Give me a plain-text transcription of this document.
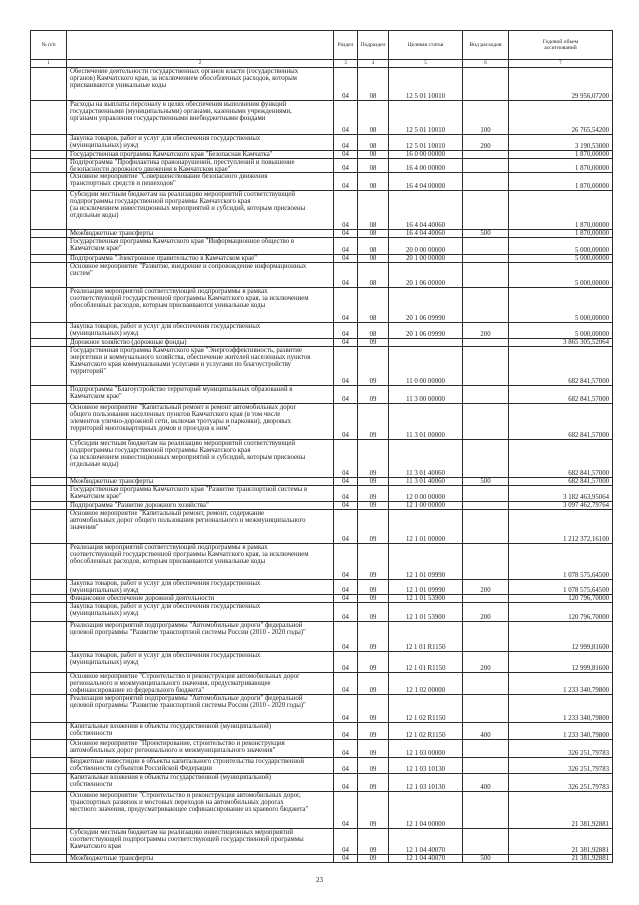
№ п/п	Раздел	Подраздел	Целевая статья	Вид расходов
Годовой объем ассигнований
1	2	3	4	5	6	7
Обеспечение деятельности государственных органов власти (государственных
органов) Камчатского края, за исключением обособленных расходов, которым
присваиваются уникальные коды
04	08	12 5 01 10010	29 956,07200
Расходы на выплаты персоналу в целях обеспечения выполнения функций
государственными (муниципальными) органами, казенными учреждениями,
органами управления государственными внебюджетными фондами
04	08	12 5 01 10010	100	26 765,54200
Закупка товаров, работ и услуг для обеспечения государственных
(муниципальных) нужд	04	08	12 5 01 10010	200	3 190,53000
Государственная программа Камчатского края "Безопасная Камчатка"	04	08	16 0 00 00000	1 870,00000
Подпрограмма "Профилактика правонарушений, преступлений и повышение
безопасности дорожного движения в Камчатском крае"	04	08	16 4 00 00000	1 870,00000
Основное мероприятие "Совершенствование безопасного движения
транспортных средств и пешеходов"	04	08	16 4 04 00000	1 870,00000
Субсидии местным бюджетам на реализацию мероприятий соответствующей
подпрограммы государственной программы Камчатского края
(за исключением инвестиционных мероприятий и субсидий, которым присвоены
отдельные коды)
04	08	16 4 04 40060	1 870,00000
Межбюджетные трансферты	04	08	16 4 04 40060	500	1 870,00000
Государственная программа Камчатского края "Информационное общество в
Камчатском крае"	04	08	20 0 00 00000	5 000,00000
Подпрограмма "Электронное правительство в Камчатском крае"	04	08	20 1 00 00000	5 000,00000
Основное мероприятие "Развитие, внедрение и сопровождение информационных
систем"
04	08	20 1 06 00000	5 000,00000
Реализация мероприятий соответствующей подпрограммы в рамках
соответствующей государственной программы Камчатского края, за исключением
обособленных расходов, которым присваиваются уникальные коды
04	08	20 1 06 09990	5 000,00000
Закупка товаров, работ и услуг для обеспечения государственных
(муниципальных) нужд	04	08	20 1 06 09990	200	5 000,00000
Дорожное хозяйство (дорожные фонды)	04	09	3 865 305,52064
Государственная программа Камчатского края "Энергоэффективность, развитие
энергетики и коммунального хозяйства, обеспечение жителей населенных пунктов
Камчатского края коммунальными услугами и услугами по благоустройству
территорий"
04	09	11 0 00 00000	682 841,57000
Подпрограмма "Благоустройство территорий муниципальных образований в
Камчатском крае"	04	09	11 3 00 00000	682 841,57000
Основное мероприятие "Капитальный ремонт и ремонт автомобильных дорог
общего пользования населенных пунктов Камчатского края (в том числе
элементов улично-дорожной сети, включая тротуары и парковки), дворовых
территорий многоквартирных домов и проездов к ним"
04	09	11 3 01 00000	682 841,57000
Субсидии местным бюджетам на реализацию мероприятий соответствующей
подпрограммы государственной программы Камчатского края
(за исключением инвестиционных мероприятий и субсидий, которым присвоены
отдельные коды)
04	09	11 3 01 40060	682 841,57000
Межбюджетные трансферты	04	09	11 3 01 40060	500	682 841,57000
Государственная программа Камчатского края "Развитие транспортной системы в
Камчатском крае"	04	09	12 0 00 00000	3 182 463,95064
Подпрограмма "Развитие дорожного хозяйства"	04	09	12 1 00 00000	3 097 462,79764
Основное мероприятие "Капитальный ремонт, ремонт, содержание
автомобильных дорог общего пользования регионального и межмуниципального
значения"
04	09	12 1 01 00000	1 212 372,16100
Реализация мероприятий соответствующей подпрограммы в рамках
соответствующей государственной программы Камчатского края, за исключением
обособленных расходов, которым присваиваются уникальные коды
04	09	12 1 01 09990	1 078 575,64500
Закупка товаров, работ и услуг для обеспечения государственных
(муниципальных) нужд	04	09	12 1 01 09990	200	1 078 575,64500
Финансовое обеспечение дорожной деятельности	04	09	12 1 01 53900	120 796,70000
Закупка товаров, работ и услуг для обеспечения государственных
(муниципальных) нужд
04	09	12 1 01 53900	200	120 796,70000
Реализация мероприятий подпрограммы "Автомобильные дороги" федеральной
целевой программы "Развитие транспортной системы России (2010 - 2020 годы)"
04	09	12 1 01 R1150	12 999,81600
Закупка товаров, работ и услуг для обеспечения государственных
(муниципальных) нужд
04	09	12 1 01 R1150	200	12 999,81600
Основное мероприятие "Строительство и реконструкция автомобильных дорог
регионального и межмуниципального значения, предусматривающее
софинансирование из федерального бюджета"	04	09	12 1 02 00000	1 233 340,79800
Реализация мероприятий подпрограммы "Автомобильные дороги" федеральной
целевой программы "Развитие транспортной системы России (2010 - 2020 годы)"
04	09	12 1 02 R1150	1 233 340,79800
Капитальные вложения в объекты государственной (муниципальной)
собственности	04	09	12 1 02 R1150	400	1 233 340,79800
Основное мероприятие "Проектирование, строительство и реконструкция
автомобильных дорог регионального и межмуниципального значения"	04	09	12 1 03 00000	326 251,79783
Бюджетные инвестиции в объекты капитального строительства государственной
собственности субъектов Российской Федерации	04	09	12 1 03 10130	326 251,79783
Капитальные вложения в объекты государственной (муниципальной)
собственности	04	09	12 1 03 10130	400	326 251,79783
Основное мероприятие "Строительство и реконструкция автомобильных дорог,
транспортных развязок и мостовых переходов на автомобильных дорогах
местного значения, предусматривающее софинансирование из краевого бюджета"
04	09	12 1 04 00000	21 381,92881
Субсидии местным бюджетам на реализацию инвестиционных мероприятий
соответствующей подпрограммы соответствующей государственной программы
Камчатского края
04	09	12 1 04 40070	21 381,92881
Межбюджетные трансферты	04	09	12 1 04 40070	500	21 381,92881
23
